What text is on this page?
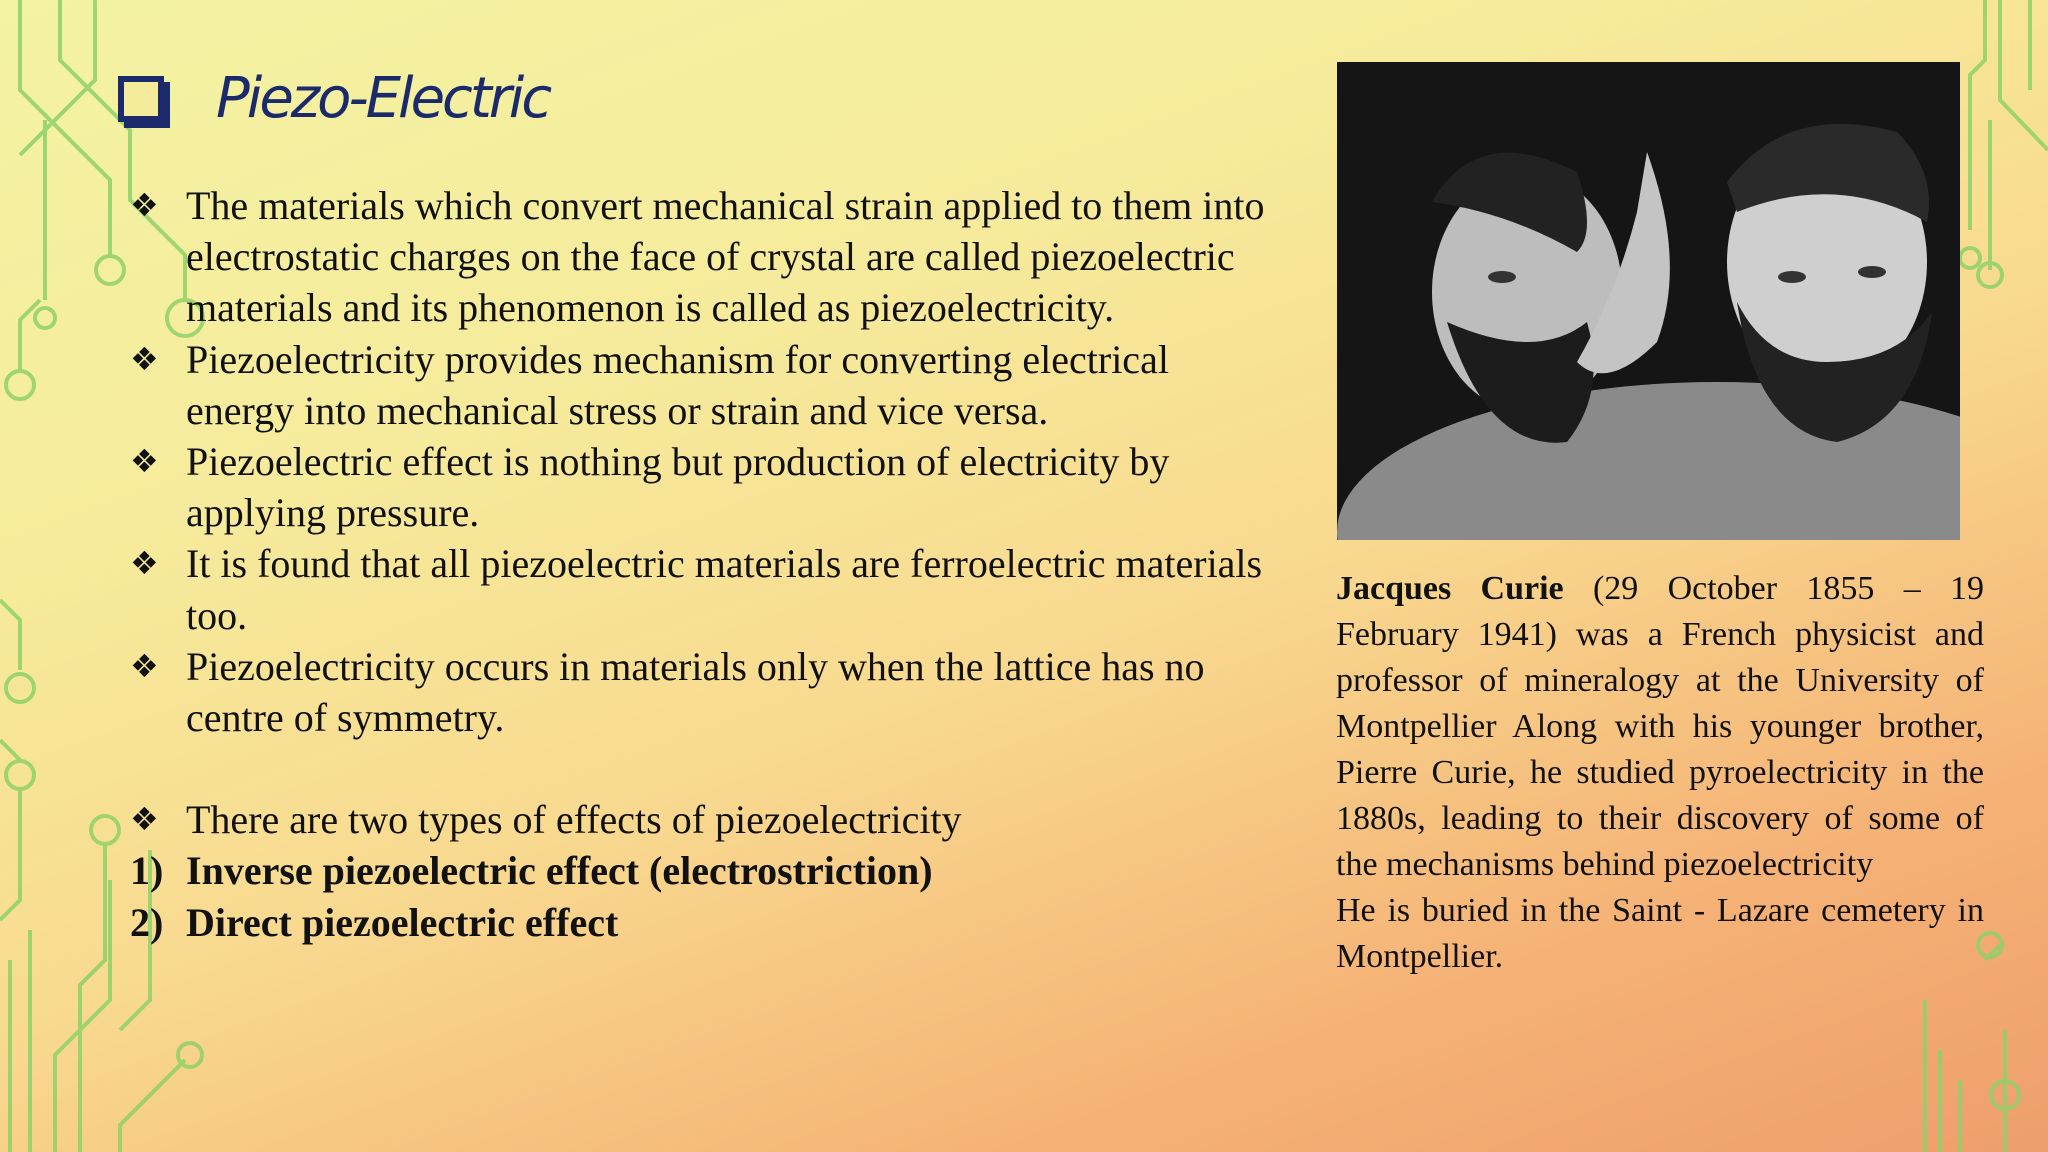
Piezo-Electric
❖ The materials which convert mechanical strain applied to them into electrostatic charges on the face of crystal are called piezoelectric materials and its phenomenon is called as piezoelectricity.
❖ Piezoelectricity provides mechanism for converting electrical energy into mechanical stress or strain and vice versa.
❖ Piezoelectric effect is nothing but production of electricity by applying pressure.
❖ It is found that all piezoelectric materials are ferroelectric materials too.
❖ Piezoelectricity occurs in materials only when the lattice has no centre of symmetry.
❖ There are two types of effects of piezoelectricity
1) Inverse piezoelectric effect (electrostriction)
2) Direct piezoelectric effect
Jacques Curie (29 October 1855 – 19 February 1941) was a French physicist and professor of mineralogy at the University of Montpellier Along with his younger brother, Pierre Curie, he studied pyroelectricity in the 1880s, leading to their discovery of some of the mechanisms behind piezoelectricity
He is buried in the Saint - Lazare cemetery in Montpellier.
